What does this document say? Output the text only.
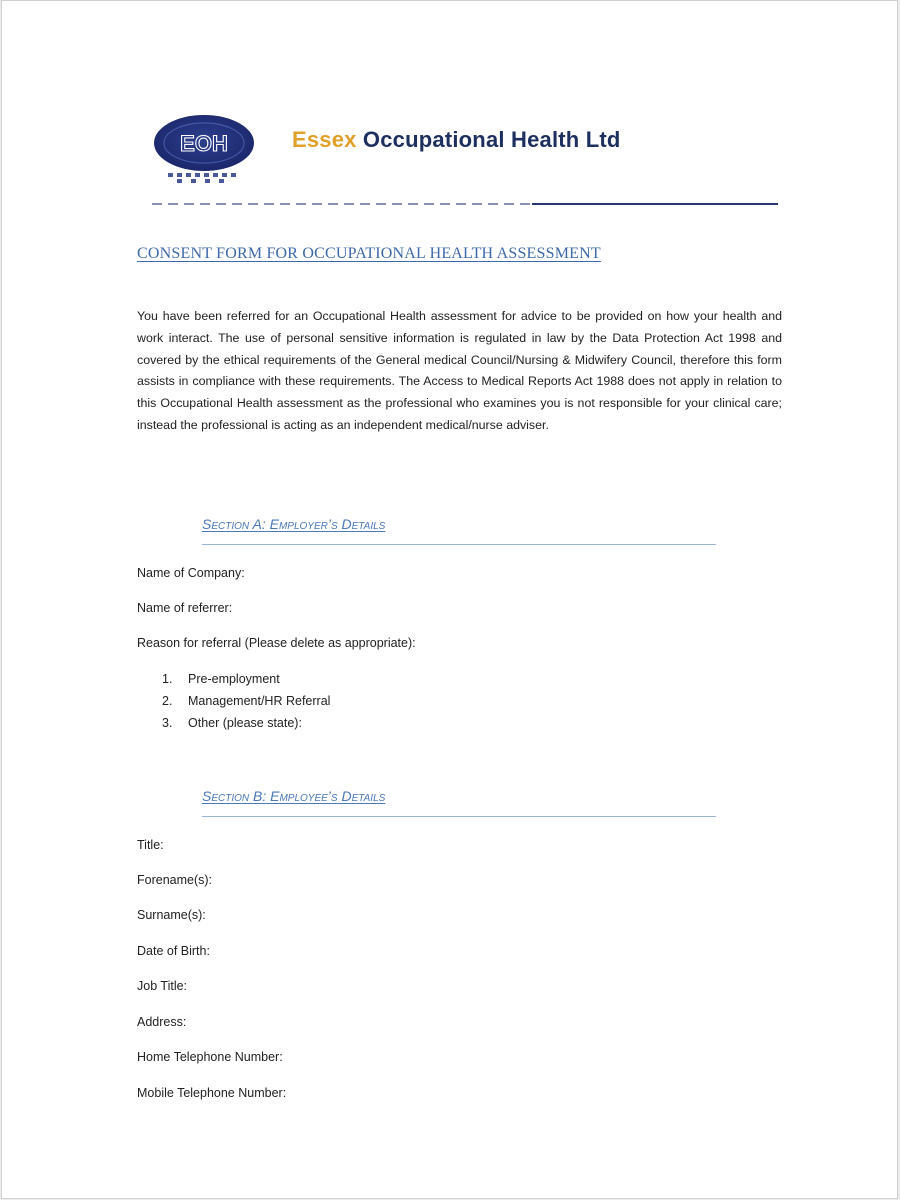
EOH	Essex Occupational Health Ltd
CONSENT FORM FOR OCCUPATIONAL HEALTH ASSESSMENT

You have been referred for an Occupational Health assessment for advice to be provided on how your health and work interact. The use of personal sensitive information is regulated in law by the Data Protection Act 1998 and covered by the ethical requirements of the General medical Council/Nursing & Midwifery Council, therefore this form assists in compliance with these requirements. The Access to Medical Reports Act 1988 does not apply in relation to this Occupational Health assessment as the professional who examines you is not responsible for your clinical care; instead the professional is acting as an independent medical/nurse adviser.

Section A: Employer’s Details
Name of Company:
Name of referrer:
Reason for referral (Please delete as appropriate):
1. Pre-employment
2. Management/HR Referral
3. Other (please state):
Section B: Employee’s Details
Title:
Forename(s):
Surname(s):
Date of Birth:
Job Title:
Address:
Home Telephone Number:
Mobile Telephone Number:
